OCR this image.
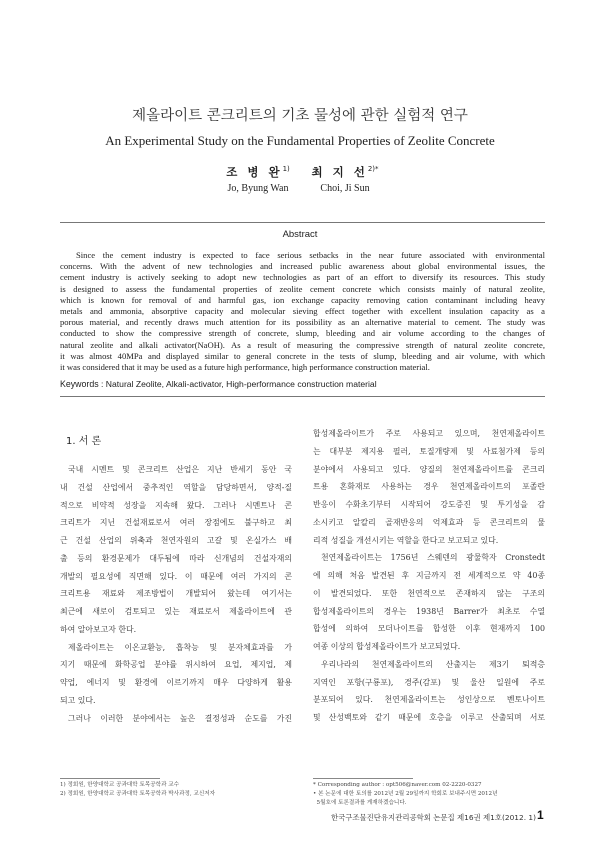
제올라이트 콘크리트의 기초 물성에 관한 실험적 연구
An Experimental Study on the Fundamental Properties of Zeolite Concrete
조 병 완$^{1)}$
Jo, Byung Wan
최 지 선$^{2)*}$
Choi, Ji Sun
Abstract
Since the cement industry is expected to face serious setbacks in the near future associated with environmental
concerns. With the advent of new technologies and increased public awareness about global environmental issues, the
cement industry is actively seeking to adopt new technologies as part of an effort to diversify its resources. This study
is designed to assess the fundamental properties of zeolite cement concrete which consists mainly of natural zeolite,
which is known for removal of and harmful gas, ion exchange capacity removing cation contaminant including heavy
metals and ammonia, absorptive capacity and molecular sieving effect together with excellent insulation capacity as a
porous material, and recently draws much attention for its possibility as an alternative material to cement. The study was
conducted to show the compressive strength of concrete, slump, bleeding and air volume according to the changes of
natural zeolite and alkali activator(NaOH). As a result of measuring the compressive strength of natural zeolite concrete,
it was almost 40MPa and displayed similar to general concrete in the tests of slump, bleeding and air volume, with which
it was considered that it may be used as a future high performance, high performance construction material.
Keywords : Natural Zeolite, Alkali-activator, High-performance construction material
1. 서 론
국내 시멘트 및 콘크리트 산업은 지난 반세기 동안 국
내 건설 산업에서 중추적인 역할을 담당하면서, 양적-질
적으로 비약적 성장을 지속해 왔다. 그러나 시멘트나 콘
크리트가 지닌 건설재료로서 여러 장점에도 불구하고 최
근 건설 산업의 위축과 천연자원의 고갈 및 온실가스 배
출 등의 환경문제가 대두됨에 따라 신개념의 건설자재의
개발의 필요성에 직면해 있다. 이 때문에 여러 가지의 콘
크리트용 재료와 제조방법이 개발되어 왔는데 여기서는
최근에 새로이 검토되고 있는 재료로서 제올라이트에 관
하여 알아보고자 한다.
제올라이트는 이온교환능, 흡착능 및 분자체효과를 가
지기 때문에 화학공업 분야를 위시하여 요업, 제지업, 제
약업, 에너지 및 환경에 이르기까지 매우 다양하게 활용
되고 있다.
그러나 이러한 분야에서는 높은 결정성과 순도를 가진
합성제올라이트가 주로 사용되고 있으며, 천연제올라이트
는 대부분 제지용 필러, 토질개량제 및 사료첨가제 등의
분야에서 사용되고 있다. 양질의 천연제올라이트를 콘크리
트용 혼화재로 사용하는 경우 천연제올라이트의 포졸란
반응이 수화초기부터 시작되어 강도증진 및 투기성을 감
소시키고 알칼리 골재반응의 억제효과 등 콘크리트의 물
리적 성질을 개선시키는 역할을 한다고 보고되고 있다.
천연제올라이트는 1756년 스웨덴의 광물학자 Cronstedt
에 의해 처음 발견된 후 지금까지 전 세계적으로 약 40종
이 발견되었다. 또한 천연적으로 존재하지 않는 구조의
합성제올라이트의 경우는 1938년 Barrer가 최초로 수열
합성에 의하여 모더나이트를 합성한 이후 현재까지 100
여종 이상의 합성제올라이트가 보고되었다.
우리나라의 천연제올라이트의 산출지는 제3기 퇴적층
지역인 포항(구룡포), 경주(감포) 및 울산 일원에 주로
분포되어 있다. 천연제올라이트는 성인상으로 벤토나이트
및 산성백토와 같기 때문에 호층을 이루고 산출되며 서로
1) 정회원, 한양대학교 공과대학 토목공학과 교수
2) 정회원, 한양대학교 공과대학 토목공학과 박사과정, 교신저자
* Corresponding author : opt506@naver.com 02-2220-0327
• 본 논문에 대한 토의를 2012년 2월 29일까지 학회로 보내주시면 2012년
5월호에 토론결과를 게재하겠습니다.
한국구조물진단유지관리공학회 논문집 제16권 제1호(2012. 1) 1
